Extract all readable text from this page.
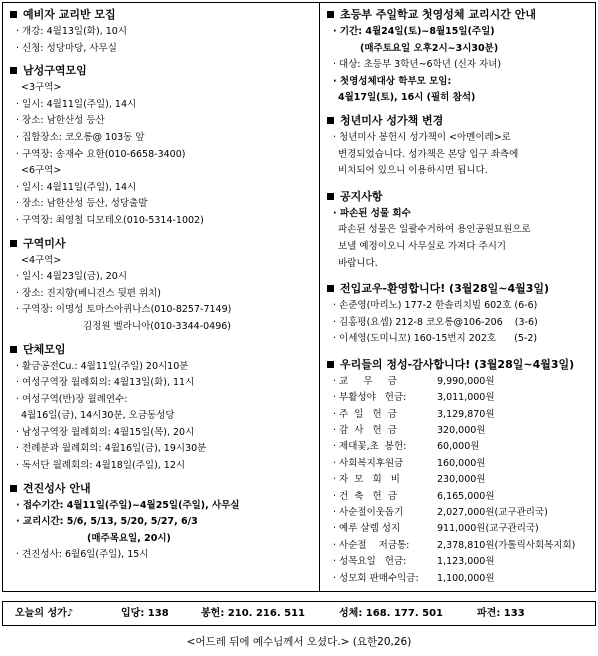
예비자 교리반 모집
· 개강: 4월13일(화), 10시
· 신청: 성당마당, 사무실
남성구역모임
<3구역>
· 일시: 4월11일(주일), 14시
· 장소: 남한산성 등산
· 집합장소: 코오롱@ 103동 앞
· 구역장: 송재수 요한(010-6658-3400)
<6구역>
· 일시: 4월11일(주일), 14시
· 장소: 남한산성 등산, 성당출발
· 구역장: 최영철 디모테오(010-5314-1002)
구역미사
<4구역>
· 일시: 4월23일(금), 20시
· 장소: 진지향(베니건스 뒷편 위치)
· 구역장: 이명성 토마스아퀴나스(010-8257-7149)
김정원 벨라니아(010-3344-0496)
단체모임
· 활금공전Cu.: 4월11일(주일) 20시10분
· 여성구역장 월례회의: 4월13일(화), 11시
· 여성구역(반)장 월례연수:
4월16일(금), 14시30분, 오금동성당
· 남성구역장 월례회의: 4월15일(목), 20시
· 전례분과 월례회의: 4월16일(금), 19시30분
· 독서단 월례회의: 4월18일(주일), 12시
견진성사 안내
· 접수기간: 4월11일(주일)~4월25일(주일), 사무실
· 교리시간: 5/6, 5/13, 5/20, 5/27, 6/3
(매주목요일, 20시)
· 견진성사: 6월6일(주일), 15시
초등부 주일학교 첫영성체 교리시간 안내
· 기간: 4월24일(토)~8월15일(주일)
(매주토요일 오후2시~3시30분)
· 대상: 초등부 3학년~6학년 (신자 자녀)
· 첫영성체대상 학부모 모임:
4월17일(토), 16시 (필히 참석)
청년미사 성가책 변경
· 청년미사 봉헌시 성가책이 <아멘이레>로
변경되었습니다. 성가책은 본당 입구 좌측에
비치되어 있으니 이용하시면 됩니다.
공지사항
· 파손된 성물 회수
파손된 성물은 일괄수거하여 용인공원묘원으로
보낼 예정이오니 사무실로 가져다 주시기
바랍니다.
전입교우-환영합니다! (3월28일~4월3일)
· 손준영(마리노) 177-2 한솔리치빌 602호 (6-6)
· 김홍평(요셉) 212-8 코오롱@106-206    (3-6)
· 이세영(도미니꼬) 160-15번지 202호      (5-2)
우리들의 정성-감사합니다! (3월28일~4월3일)
· 교     무     금	9,990,000원
· 부활성야   헌금:	3,011,000원
· 주  일   헌  금	3,129,870원
· 감  사   헌  금	320,000원
· 제대꽃,초  봉헌:	60,000원
· 사회복지후원금	160,000원
· 자  모   회   비	230,000원
· 건  축   헌  금	6,165,000원
· 사순절이웃돕기	2,027,000원(교구관리국)
· 예루 살렘 성지	911,000원(교구관리국)
· 사순절    저금통:	2,378,810원(가톨릭사회복지회)
· 성목요일   헌금:	1,123,000원
· 성모회 판매수익금: 1,100,000원
오늘의 성가♪	입당: 138	봉헌: 210. 216. 511	성체: 168. 177. 501	파견: 133
<어드레 뒤에 예수님께서 오셨다.> (요한20,26)
